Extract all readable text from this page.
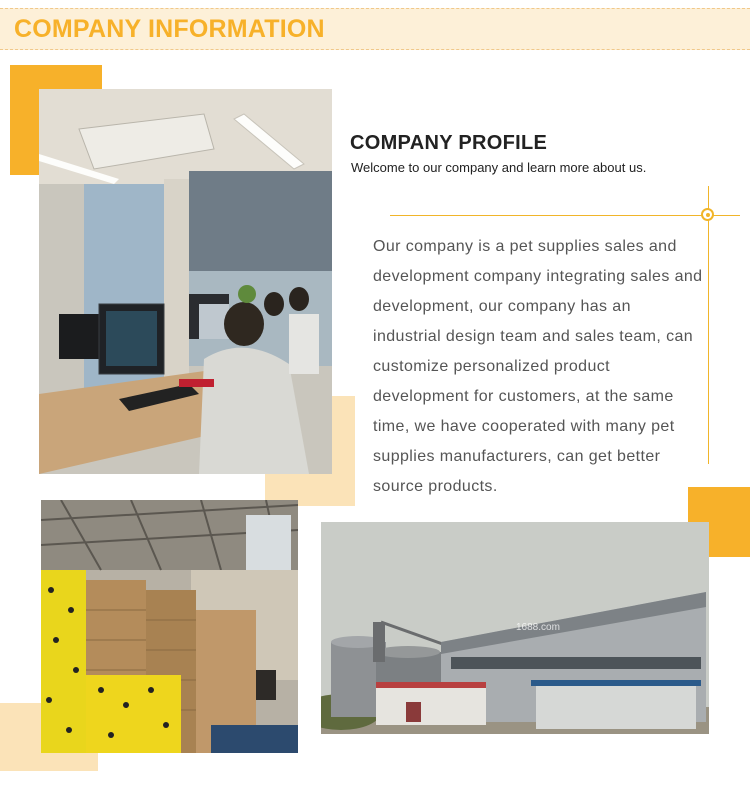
COMPANY INFORMATION
COMPANY PROFILE

Welcome to our company and learn more about us.

Our company is a pet supplies sales and development company integrating sales and development, our company has an industrial design team and sales team, can customize personalized product development for customers, at the same time, we have cooperated with many pet supplies manufacturers, can get better source products.

1688.com
